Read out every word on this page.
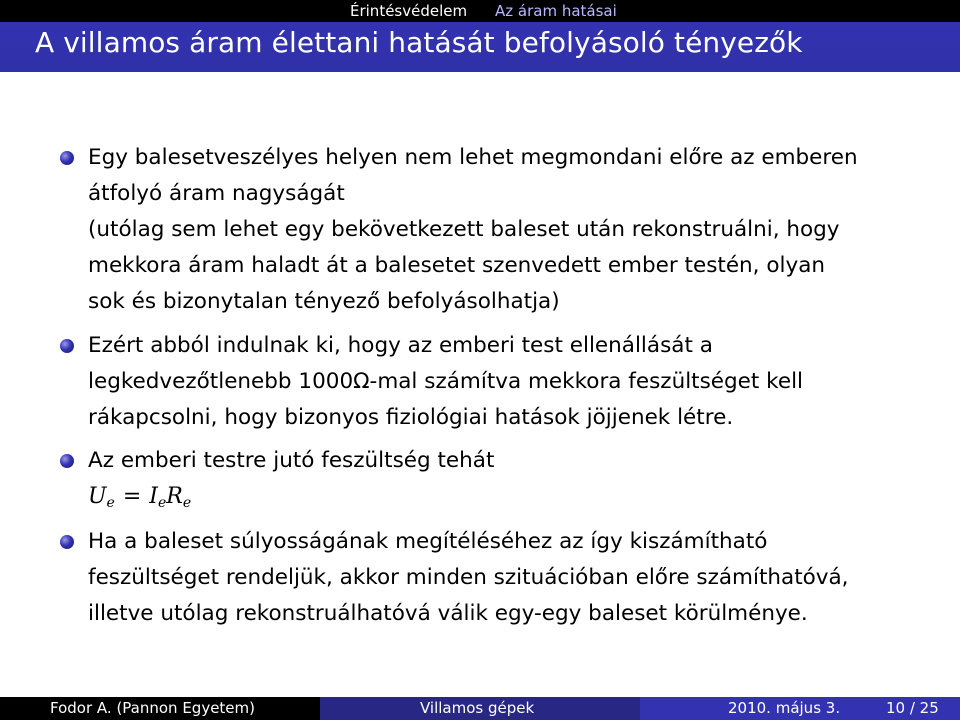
Érintésvédelem Az áram hatásai
A villamos áram élettani hatását befolyásoló tényezők
Egy balesetveszélyes helyen nem lehet megmondani előre az emberen
átfolyó áram nagyságát
(utólag sem lehet egy bekövetkezett baleset után rekonstruálni, hogy
mekkora áram haladt át a balesetet szenvedett ember testén, olyan
sok és bizonytalan tényező befolyásolhatja)
Ezért abból indulnak ki, hogy az emberi test ellenállását a
legkedvezőtlenebb 1000Ω-mal számítva mekkora feszültséget kell
rákapcsolni, hogy bizonyos fiziológiai hatások jöjjenek létre.
Az emberi testre jutó feszültség tehát
$U_e = I_eR_e$
Ha a baleset súlyosságának megítéléséhez az így kiszámítható
feszültséget rendeljük, akkor minden szituációban előre számíthatóvá,
illetve utólag rekonstruálhatóvá válik egy-egy baleset körülménye.
Fodor A. (Pannon Egyetem)	Villamos gépek	2010. május 3.	10 / 25
